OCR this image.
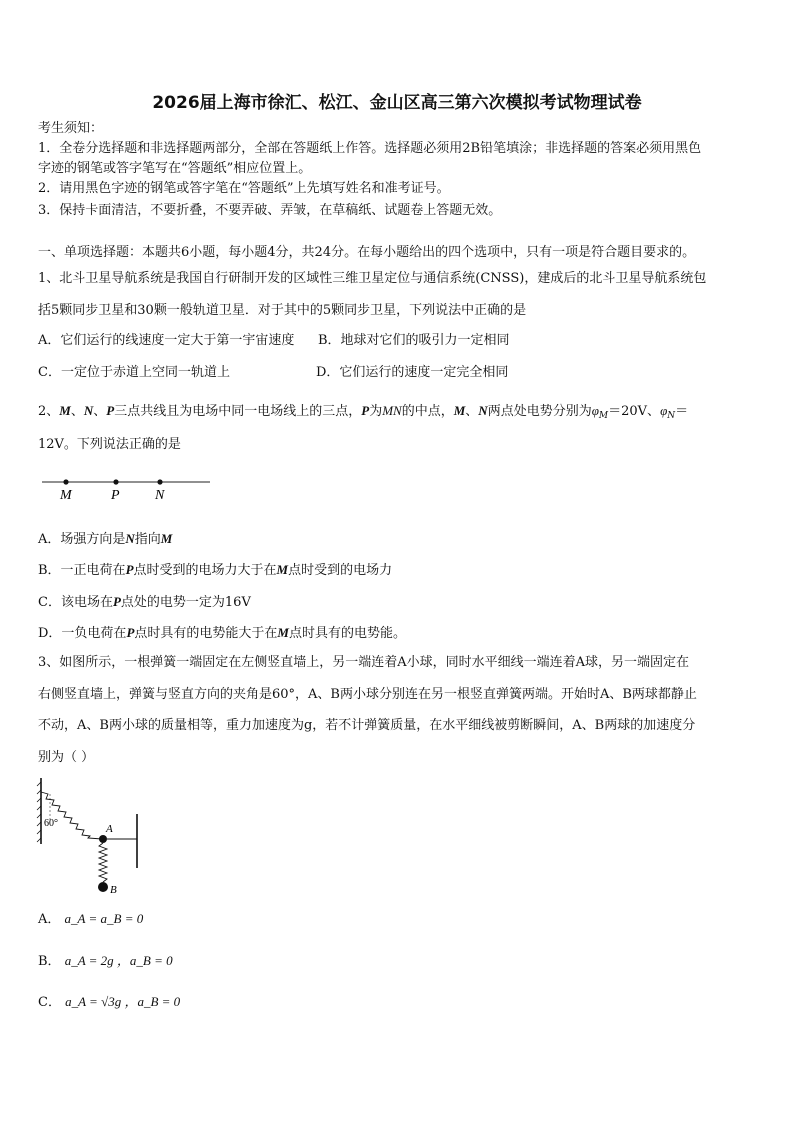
2026届上海市徐汇、松江、金山区高三第六次模拟考试物理试卷
考生须知：
1．全卷分选择题和非选择题两部分，全部在答题纸上作答。选择题必须用2B铅笔填涂；非选择题的答案必须用黑色
字迹的钢笔或答字笔写在“答题纸”相应位置上。
2．请用黑色字迹的钢笔或答字笔在“答题纸”上先填写姓名和准考证号。
3．保持卡面清洁，不要折叠，不要弄破、弄皱，在草稿纸、试题卷上答题无效。
一、单项选择题：本题共6小题，每小题4分，共24分。在每小题给出的四个选项中，只有一项是符合题目要求的。
1、北斗卫星导航系统是我国自行研制开发的区域性三维卫星定位与通信系统(CNSS)，建成后的北斗卫星导航系统包
括5颗同步卫星和30颗一般轨道卫星．对于其中的5颗同步卫星，下列说法中正确的是
A．它们运行的线速度一定大于第一宇宙速度 B．地球对它们的吸引力一定相同
C．一定位于赤道上空同一轨道上	D．它们运行的速度一定完全相同
2、M、N、P三点共线且为电场中同一电场线上的三点，P为MN的中点，M、N两点处电势分别为$\varphi_M=20V$、$\varphi_N=$
12V。下列说法正确的是
M	P	N
A．场强方向是N指向M
B．一正电荷在P点时受到的电场力大于在M点时受到的电场力
C．该电场在P点处的电势一定为16V
D．一负电荷在P点时具有的电势能大于在M点时具有的电势能。
3、如图所示，一根弹簧一端固定在左侧竖直墙上，另一端连着A小球，同时水平细线一端连着A球，另一端固定在
右侧竖直墙上，弹簧与竖直方向的夹角是60°，A、B两小球分别连在另一根竖直弹簧两端。开始时A、B两球都静止
不动，A、B两小球的质量相等，重力加速度为g，若不计弹簧质量，在水平细线被剪断瞬间，A、B两球的加速度分
别为（ ）
60°	A
B
A． a_A = a_B = 0
B． a_A = 2g ，a_B = 0
C． a_A = √3g ，a_B = 0
